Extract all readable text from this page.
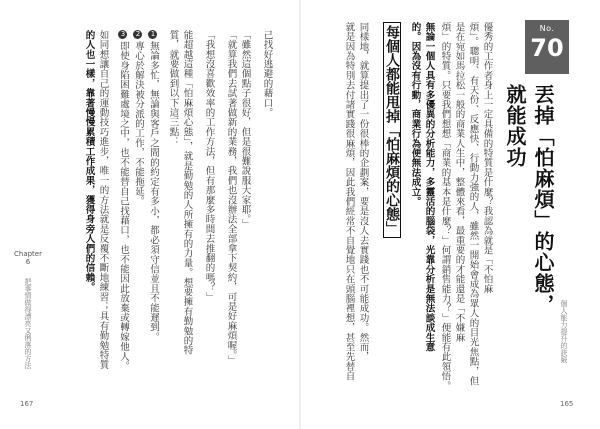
No.
70
丟掉「怕麻煩」的心態，
就能成功
優秀的工作者身上一定具備的特質是什麼？我認為就是「不怕麻
煩」。聰明、有天份、反應快、行動力強的人，雖然一開始會成為眾人的目光焦點，但
是在宛如馬拉松一般的商業人生中，整體來看，最重要的才能還是「不嫌麻
煩」的特質。只要我們想想「商業的基本是什麼？」何謂銷售能力？」便能有此領悟。
無論一個人具有多優異的分析能力，多靈活的腦袋，光靠分析是無法談成生意
的。因為沒有行動，商業行為便無法成立。
每個人都能甩掉「怕麻煩的心態」
同樣地，就算提出了一份很棒的企劃案，要是沒人去實踐也不可能成功。然而，
就是因為特別去付諸實踐很麻煩，因此我們經常不自覺地只在頭腦裡想，甚至先替自	個人能力提升的訣竅
165
己找好逃避的藉口。
「雖然這個點子很好，但是很難說服大家耶。」
「就算我們去試著做新的業務，我們也沒辦法全部拿下契約，可是好麻煩喔。」
「我想沒喜歡效率的工作方法，但有那麼多時間去推翻的嗎？」
能超越這種「怕麻煩心態」，就是勤勉的人所擁有的力量。想要擁有勤勉的特
質，就要做到以下這三點：
1無論多忙，無論與客戶之間的約定有多小，都必須守信並且不能遲到。
2專心於解決被分派的工作，不能拖延。
3即使身陷困難處境之中，也不能替自己找藉口，也不能因此放棄或轉嫁他人。
如同想讓自己的運動技巧進步，唯一的方法就是反覆不斷地練習；具有勤勉特質
的人也一樣，靠著慢慢累積工作成果，獲得身旁人們的信賴。
Chapter
6
把事情做得漂亮又俐落的方法
167
